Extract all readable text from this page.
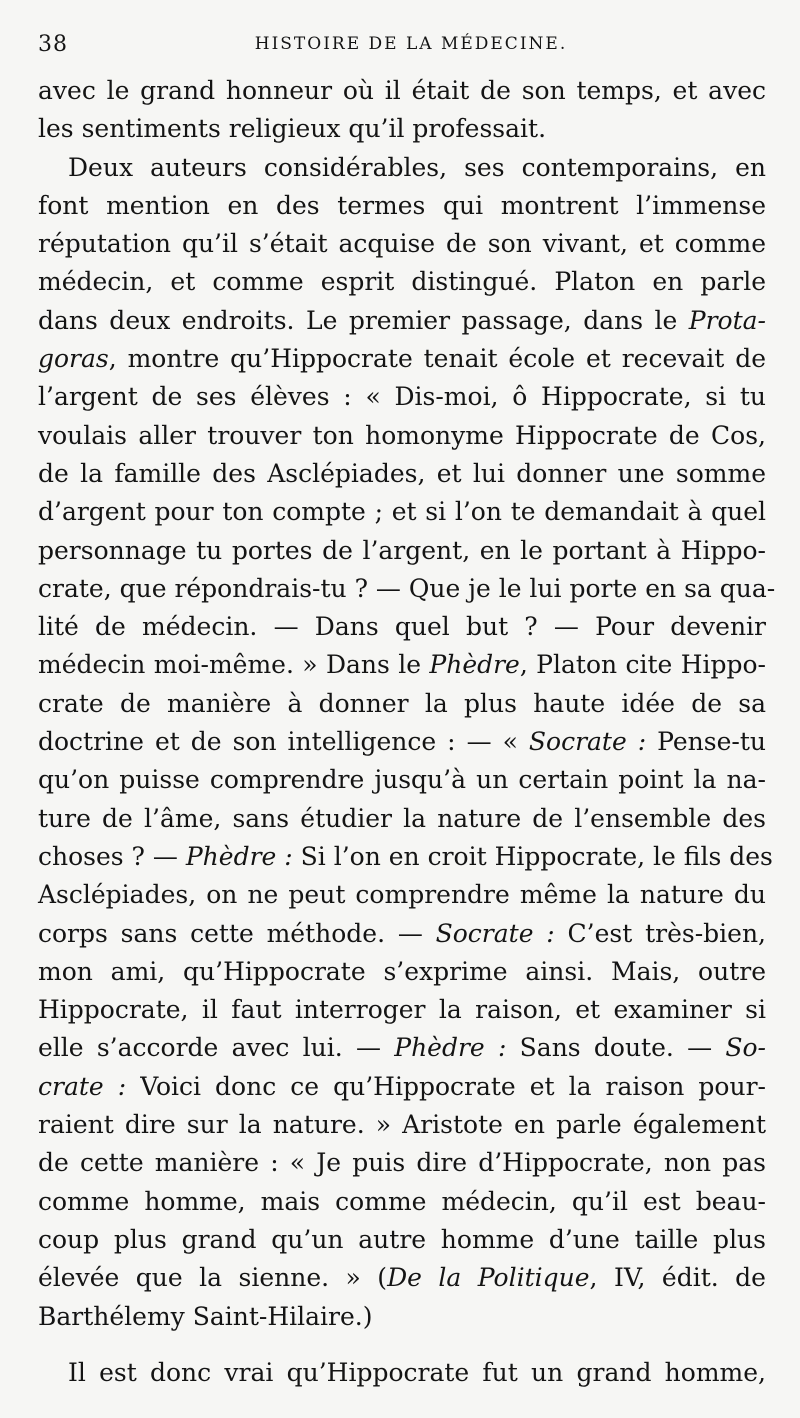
38	HISTOIRE DE LA MÉDECINE.
avec le grand honneur où il était de son temps, et avec
les sentiments religieux qu’il professait.
Deux auteurs considérables, ses contemporains, en
font mention en des termes qui montrent l’immense
réputation qu’il s’était acquise de son vivant, et comme
médecin, et comme esprit distingué. Platon en parle
dans deux endroits. Le premier passage, dans le Prota-
goras, montre qu’Hippocrate tenait école et recevait de
l’argent de ses élèves : « Dis-moi, ô Hippocrate, si tu
voulais aller trouver ton homonyme Hippocrate de Cos,
de la famille des Asclépiades, et lui donner une somme
d’argent pour ton compte ; et si l’on te demandait à quel
personnage tu portes de l’argent, en le portant à Hippo-
crate, que répondrais-tu ? — Que je le lui porte en sa qua-
lité de médecin. — Dans quel but ? — Pour devenir
médecin moi-même. » Dans le Phèdre, Platon cite Hippo-
crate de manière à donner la plus haute idée de sa
doctrine et de son intelligence : — « Socrate : Pense-tu
qu’on puisse comprendre jusqu’à un certain point la na-
ture de l’âme, sans étudier la nature de l’ensemble des
choses ? — Phèdre : Si l’on en croit Hippocrate, le fils des
Asclépiades, on ne peut comprendre même la nature du
corps sans cette méthode. — Socrate : C’est très-bien,
mon ami, qu’Hippocrate s’exprime ainsi. Mais, outre
Hippocrate, il faut interroger la raison, et examiner si
elle s’accorde avec lui. — Phèdre : Sans doute. — So-
crate : Voici donc ce qu’Hippocrate et la raison pour-
raient dire sur la nature. » Aristote en parle également
de cette manière : « Je puis dire d’Hippocrate, non pas
comme homme, mais comme médecin, qu’il est beau-
coup plus grand qu’un autre homme d’une taille plus
élevée que la sienne. » (De la Politique, IV, édit. de
Barthélemy Saint-Hilaire.)
Il est donc vrai qu’Hippocrate fut un grand homme,
